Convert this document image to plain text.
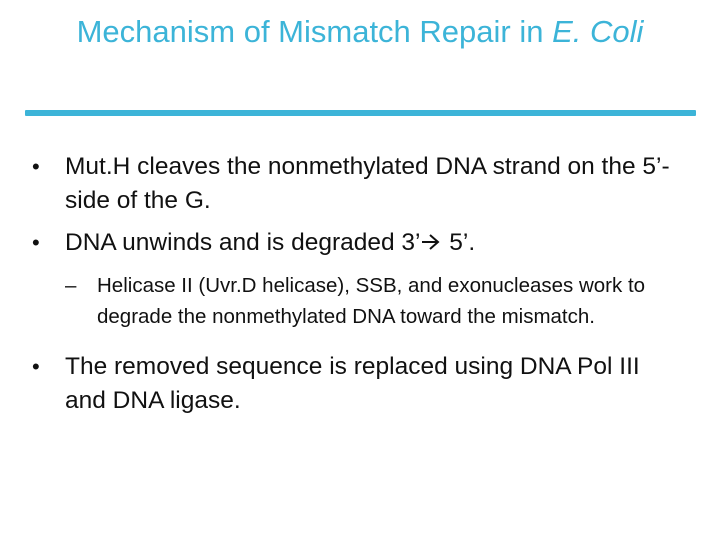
Mechanism of Mismatch Repair in E. Coli
• Mut.H cleaves the nonmethylated DNA strand on the 5’-side of the G.
• DNA unwinds and is degraded 3’ 5’.
– Helicase II (Uvr.D helicase), SSB, and exonucleases work to degrade the nonmethylated DNA toward the mismatch.
• The removed sequence is replaced using DNA Pol III and DNA ligase.
